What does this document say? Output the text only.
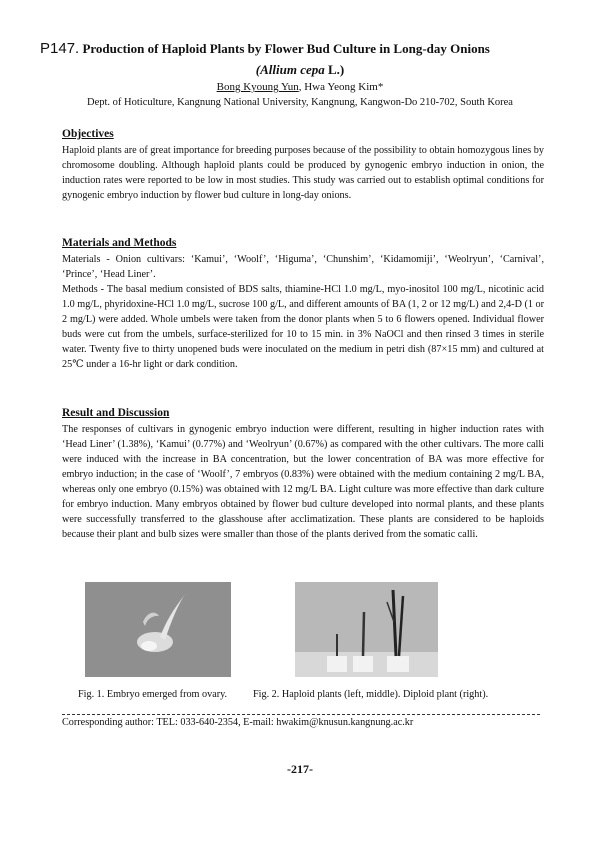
P147. Production of Haploid Plants by Flower Bud Culture in Long-day Onions
(Allium cepa L.)
Bong Kyoung Yun, Hwa Yeong Kim*
Dept. of Hoticulture, Kangnung National University, Kangnung, Kangwon-Do 210-702, South Korea
Objectives
Haploid plants are of great importance for breeding purposes because of the possibility to obtain homozygous lines by chromosome doubling. Although haploid plants could be produced by gynogenic embryo induction in onion, the induction rates were reported to be low in most studies. This study was carried out to establish optimal conditions for gynogenic embryo induction by flower bud culture in long-day onions.
Materials and Methods
Materials - Onion cultivars: ‘Kamui’, ‘Woolf’, ‘Higuma’, ‘Chunshim’, ‘Kidamomiji’, ‘Weolryun’, ‘Carnival’, ‘Prince’, ‘Head Liner’.
Methods - The basal medium consisted of BDS salts, thiamine-HCl 1.0 mg/L, myo-inositol 100 mg/L, nicotinic acid 1.0 mg/L, phyridoxine-HCl 1.0 mg/L, sucrose 100 g/L, and different amounts of BA (1, 2 or 12 mg/L) and 2,4-D (1 or 2 mg/L) were added. Whole umbels were taken from the donor plants when 5 to 6 flowers opened. Individual flower buds were cut from the umbels, surface-sterilized for 10 to 15 min. in 3% NaOCl and then rinsed 3 times in sterile water. Twenty five to thirty unopened buds were inoculated on the medium in petri dish (87×15 mm) and cultured at 25℃ under a 16-hr light or dark condition.
Result and Discussion
The responses of cultivars in gynogenic embryo induction were different, resulting in higher induction rates with ‘Head Liner’ (1.38%), ‘Kamui’ (0.77%) and ‘Weolryun’ (0.67%) as compared with the other cultivars. The more calli were induced with the increase in BA concentration, but the lower concentration of BA was more effective for embryo induction; in the case of ‘Woolf’, 7 embryos (0.83%) were obtained with the medium containing 2 mg/L BA, whereas only one embryo (0.15%) was obtained with 12 mg/L BA. Light culture was more effective than dark culture for embryo induction. Many embryos obtained by flower bud culture developed into normal plants, and these plants were successfully transferred to the glasshouse after acclimatization. These plants are considered to be haploids because their plant and bulb sizes were smaller than those of the plants derived from the somatic calli.
Fig. 1. Embryo emerged from ovary.	Fig. 2. Haploid plants (left, middle). Diploid plant (right).
Corresponding author: TEL: 033-640-2354, E-mail: hwakim@knusun.kangnung.ac.kr
-217-
